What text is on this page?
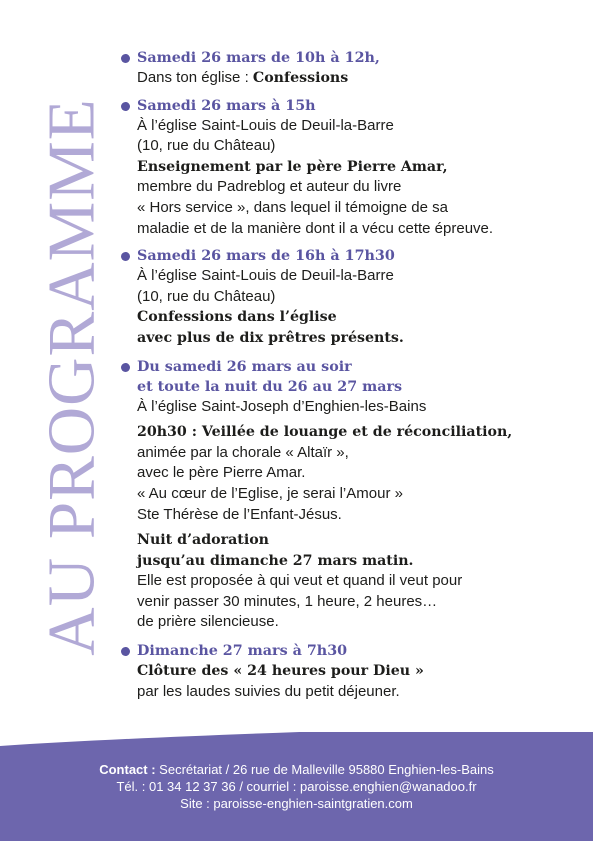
AU PROGRAMME
Samedi 26 mars de 10h à 12h,
Dans ton église : Confessions
Samedi 26 mars à 15h
À l’église Saint-Louis de Deuil-la-Barre
(10, rue du Château)
Enseignement par le père Pierre Amar,
membre du Padreblog et auteur du livre
« Hors service », dans lequel il témoigne de sa
maladie et de la manière dont il a vécu cette épreuve.
Samedi 26 mars de 16h à 17h30
À l’église Saint-Louis de Deuil-la-Barre
(10, rue du Château)
Confessions dans l’église
avec plus de dix prêtres présents.
Du samedi 26 mars au soir
et toute la nuit du 26 au 27 mars
À l’église Saint-Joseph d’Enghien-les-Bains
20h30 : Veillée de louange et de réconciliation,
animée par la chorale « Altaïr »,
avec le père Pierre Amar.
« Au cœur de l’Eglise, je serai l’Amour »
Ste Thérèse de l’Enfant-Jésus.
Nuit d’adoration
jusqu’au dimanche 27 mars matin.
Elle est proposée à qui veut et quand il veut pour
venir passer 30 minutes, 1 heure, 2 heures…
de prière silencieuse.
Dimanche 27 mars à 7h30
Clôture des « 24 heures pour Dieu »
par les laudes suivies du petit déjeuner.
Contact : Secrétariat / 26 rue de Malleville 95880 Enghien-les-Bains
Tél. : 01 34 12 37 36 / courriel : paroisse.enghien@wanadoo.fr
Site : paroisse-enghien-saintgratien.com
